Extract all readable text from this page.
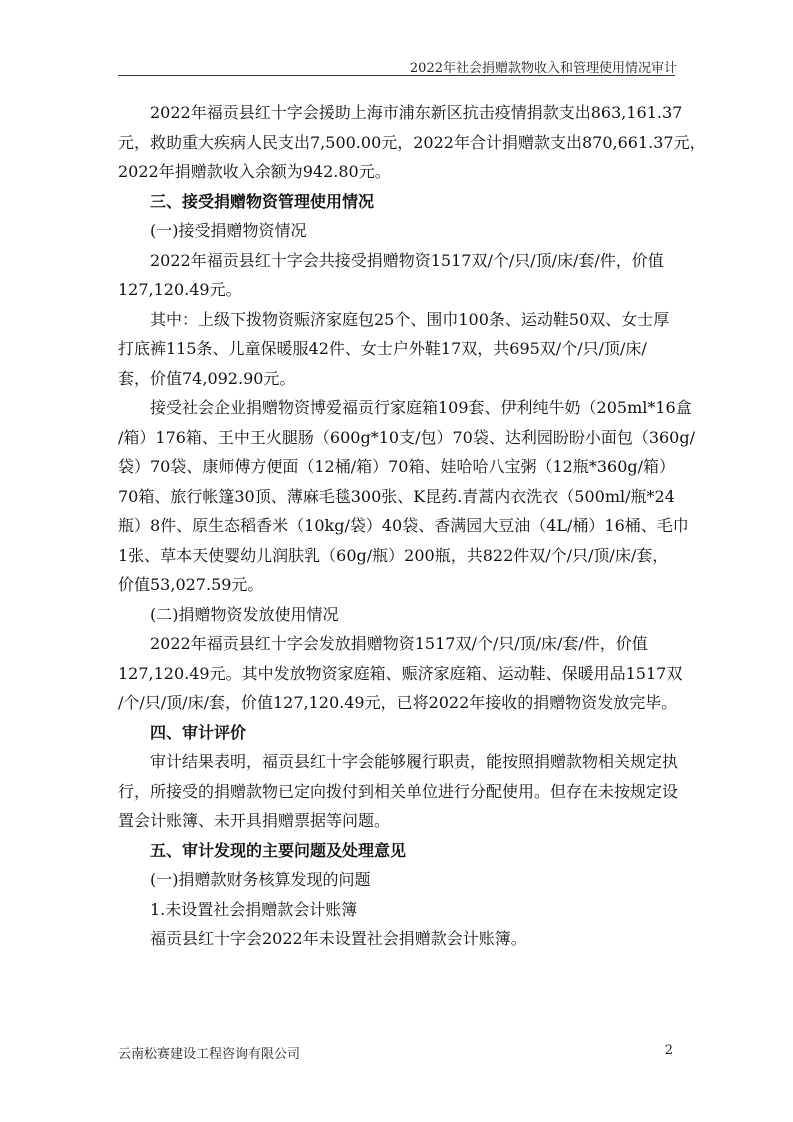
2022年社会捐赠款物收入和管理使用情况审计

2022年福贡县红十字会援助上海市浦东新区抗击疫情捐款支出863,161.37
元，救助重大疾病人民支出7,500.00元，2022年合计捐赠款支出870,661.37元，
2022年捐赠款收入余额为942.80元。

三、接受捐赠物资管理使用情况

(一)接受捐赠物资情况

2022年福贡县红十字会共接受捐赠物资1517双/个/只/顶/床/套/件，价值
127,120.49元。

其中：上级下拨物资赈济家庭包25个、围巾100条、运动鞋50双、女士厚
打底裤115条、儿童保暖服42件、女士户外鞋17双，共695双/个/只/顶/床/
套，价值74,092.90元。

接受社会企业捐赠物资博爱福贡行家庭箱109套、伊利纯牛奶（205ml*16盒
/箱）176箱、王中王火腿肠（600g*10支/包）70袋、达利园盼盼小面包（360g/
袋）70袋、康师傅方便面（12桶/箱）70箱、娃哈哈八宝粥（12瓶*360g/箱）
70箱、旅行帐篷30顶、薄麻毛毯300张、K昆药.青蒿内衣洗衣（500ml/瓶*24
瓶）8件、原生态稻香米（10kg/袋）40袋、香满园大豆油（4L/桶）16桶、毛巾
1张、草本天使婴幼儿润肤乳（60g/瓶）200瓶，共822件双/个/只/顶/床/套，
价值53,027.59元。

(二)捐赠物资发放使用情况

2022年福贡县红十字会发放捐赠物资1517双/个/只/顶/床/套/件，价值
127,120.49元。其中发放物资家庭箱、赈济家庭箱、运动鞋、保暖用品1517双
/个/只/顶/床/套，价值127,120.49元，已将2022年接收的捐赠物资发放完毕。

四、审计评价

审计结果表明，福贡县红十字会能够履行职责，能按照捐赠款物相关规定执
行，所接受的捐赠款物已定向拨付到相关单位进行分配使用。但存在未按规定设
置会计账簿、未开具捐赠票据等问题。

五、审计发现的主要问题及处理意见

(一)捐赠款财务核算发现的问题

1.未设置社会捐赠款会计账簿

福贡县红十字会2022年未设置社会捐赠款会计账簿。

云南松赛建设工程咨询有限公司	2
